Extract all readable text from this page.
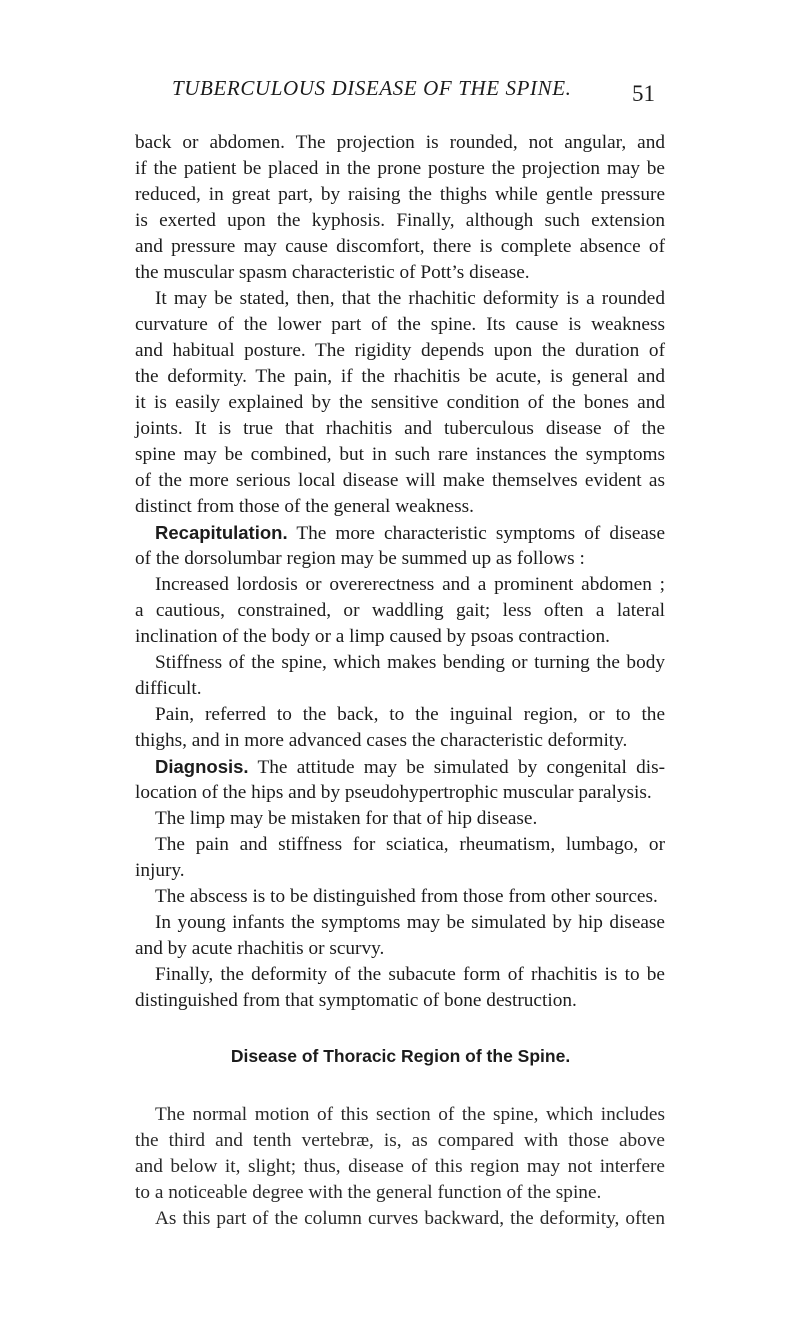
TUBERCULOUS DISEASE OF THE SPINE.	51
back or abdomen. The projection is rounded, not angular, and
if the patient be placed in the prone posture the projection may be
reduced, in great part, by raising the thighs while gentle pressure
is exerted upon the kyphosis. Finally, although such extension
and pressure may cause discomfort, there is complete absence of
the muscular spasm characteristic of Pott’s disease.
It may be stated, then, that the rhachitic deformity is a rounded
curvature of the lower part of the spine. Its cause is weakness
and habitual posture. The rigidity depends upon the duration of
the deformity. The pain, if the rhachitis be acute, is general and
it is easily explained by the sensitive condition of the bones and
joints. It is true that rhachitis and tuberculous disease of the
spine may be combined, but in such rare instances the symptoms
of the more serious local disease will make themselves evident as
distinct from those of the general weakness.
Recapitulation. The more characteristic symptoms of disease
of the dorsolumbar region may be summed up as follows :
Increased lordosis or overerectness and a prominent abdomen ;
a cautious, constrained, or waddling gait; less often a lateral
inclination of the body or a limp caused by psoas contraction.
Stiffness of the spine, which makes bending or turning the body
difficult.
Pain, referred to the back, to the inguinal region, or to the
thighs, and in more advanced cases the characteristic deformity.
Diagnosis. The attitude may be simulated by congenital dis-
location of the hips and by pseudohypertrophic muscular paralysis.
The limp may be mistaken for that of hip disease.
The pain and stiffness for sciatica, rheumatism, lumbago, or
injury.
The abscess is to be distinguished from those from other sources.
In young infants the symptoms may be simulated by hip disease
and by acute rhachitis or scurvy.
Finally, the deformity of the subacute form of rhachitis is to be
distinguished from that symptomatic of bone destruction.
Disease of Thoracic Region of the Spine.
The normal motion of this section of the spine, which includes
the third and tenth vertebræ, is, as compared with those above
and below it, slight; thus, disease of this region may not interfere
to a noticeable degree with the general function of the spine.
As this part of the column curves backward, the deformity, often
